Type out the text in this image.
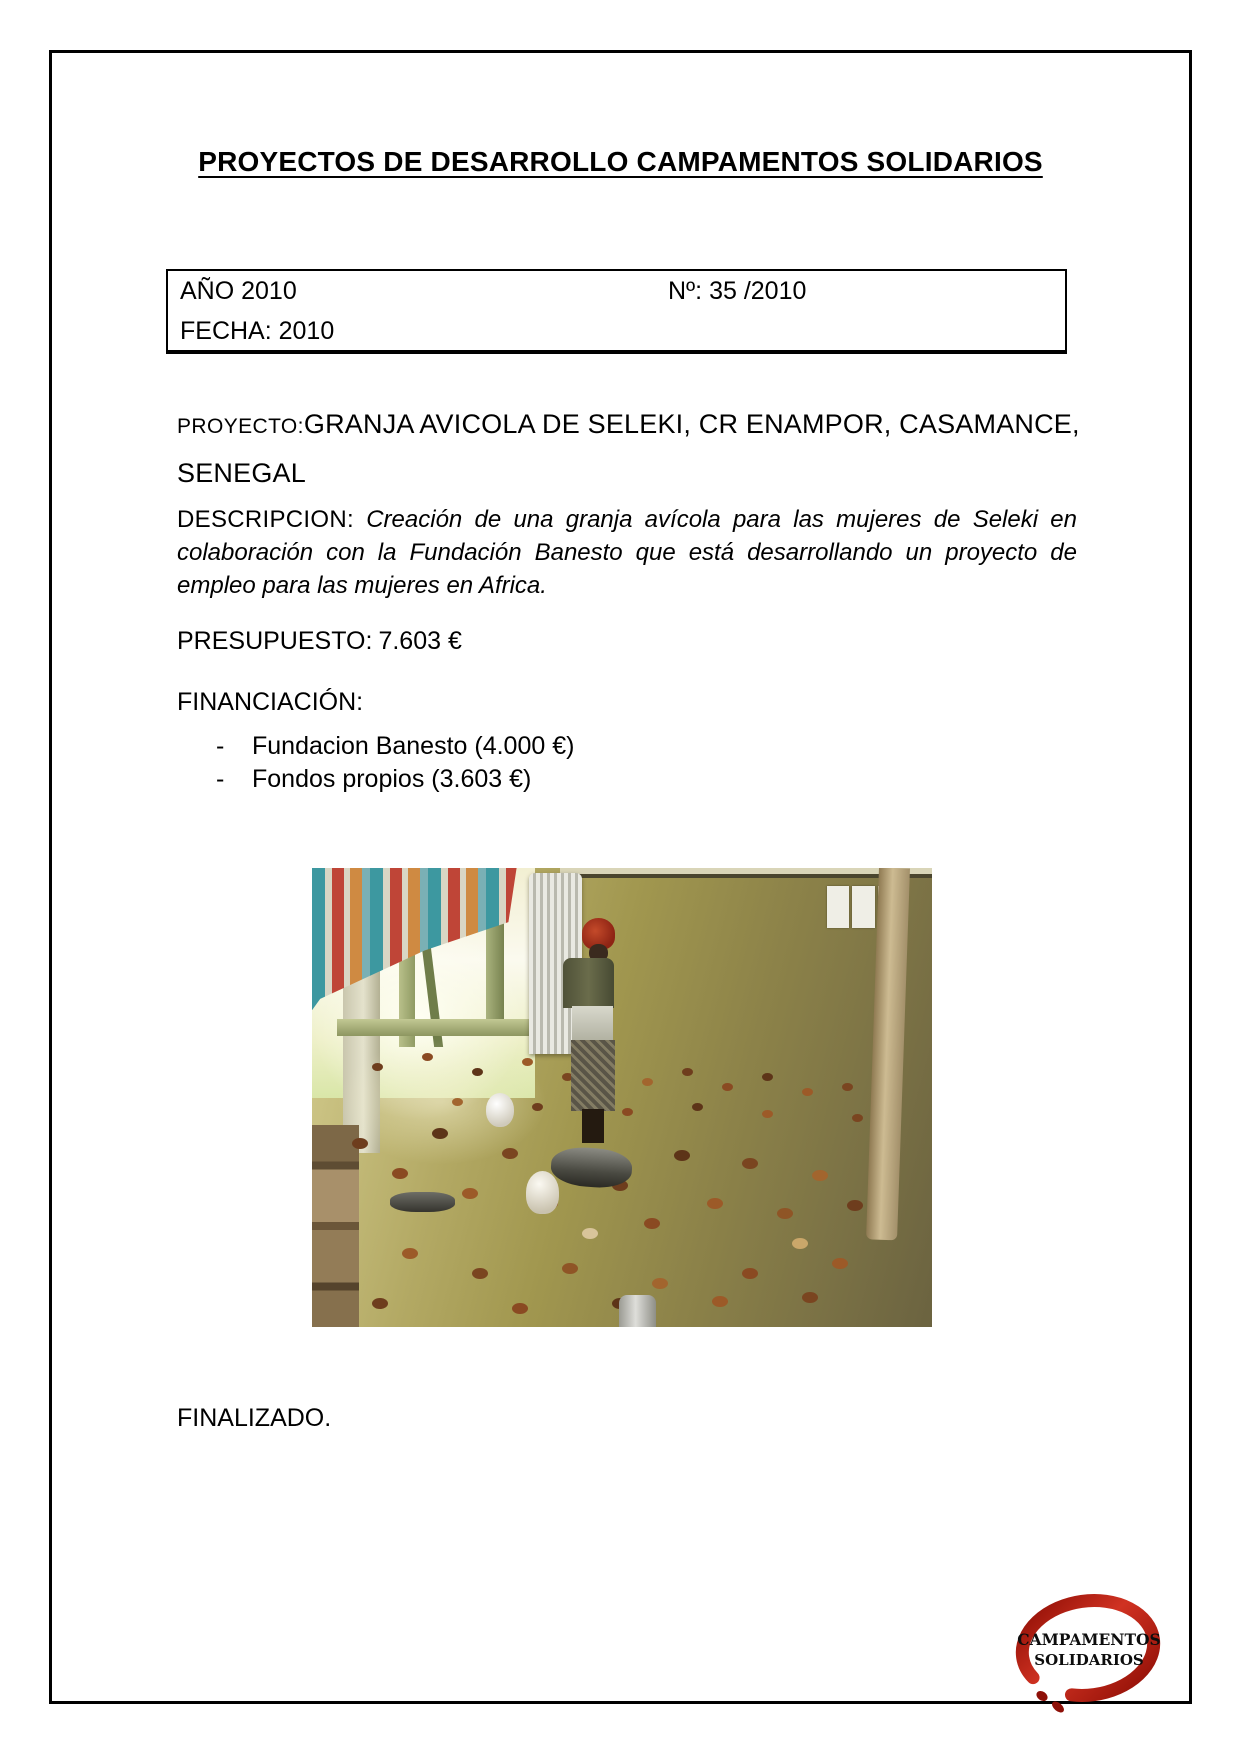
PROYECTOS DE DESARROLLO CAMPAMENTOS SOLIDARIOS
AÑO 2010	Nº: 35 /2010
FECHA: 2010
PROYECTO:GRANJA AVICOLA DE SELEKI, CR ENAMPOR, CASAMANCE,
SENEGAL

DESCRIPCION: Creación de una granja avícola para las mujeres de Seleki en colaboración con la Fundación Banesto que está desarrollando un proyecto de empleo para las mujeres en Africa.

PRESUPUESTO: 7.603 €

FINANCIACIÓN:

-	Fundacion Banesto (4.000 €)
-	Fondos propios (3.603 €)

FINALIZADO.

CAMPAMENTOS
SOLIDARIOS
